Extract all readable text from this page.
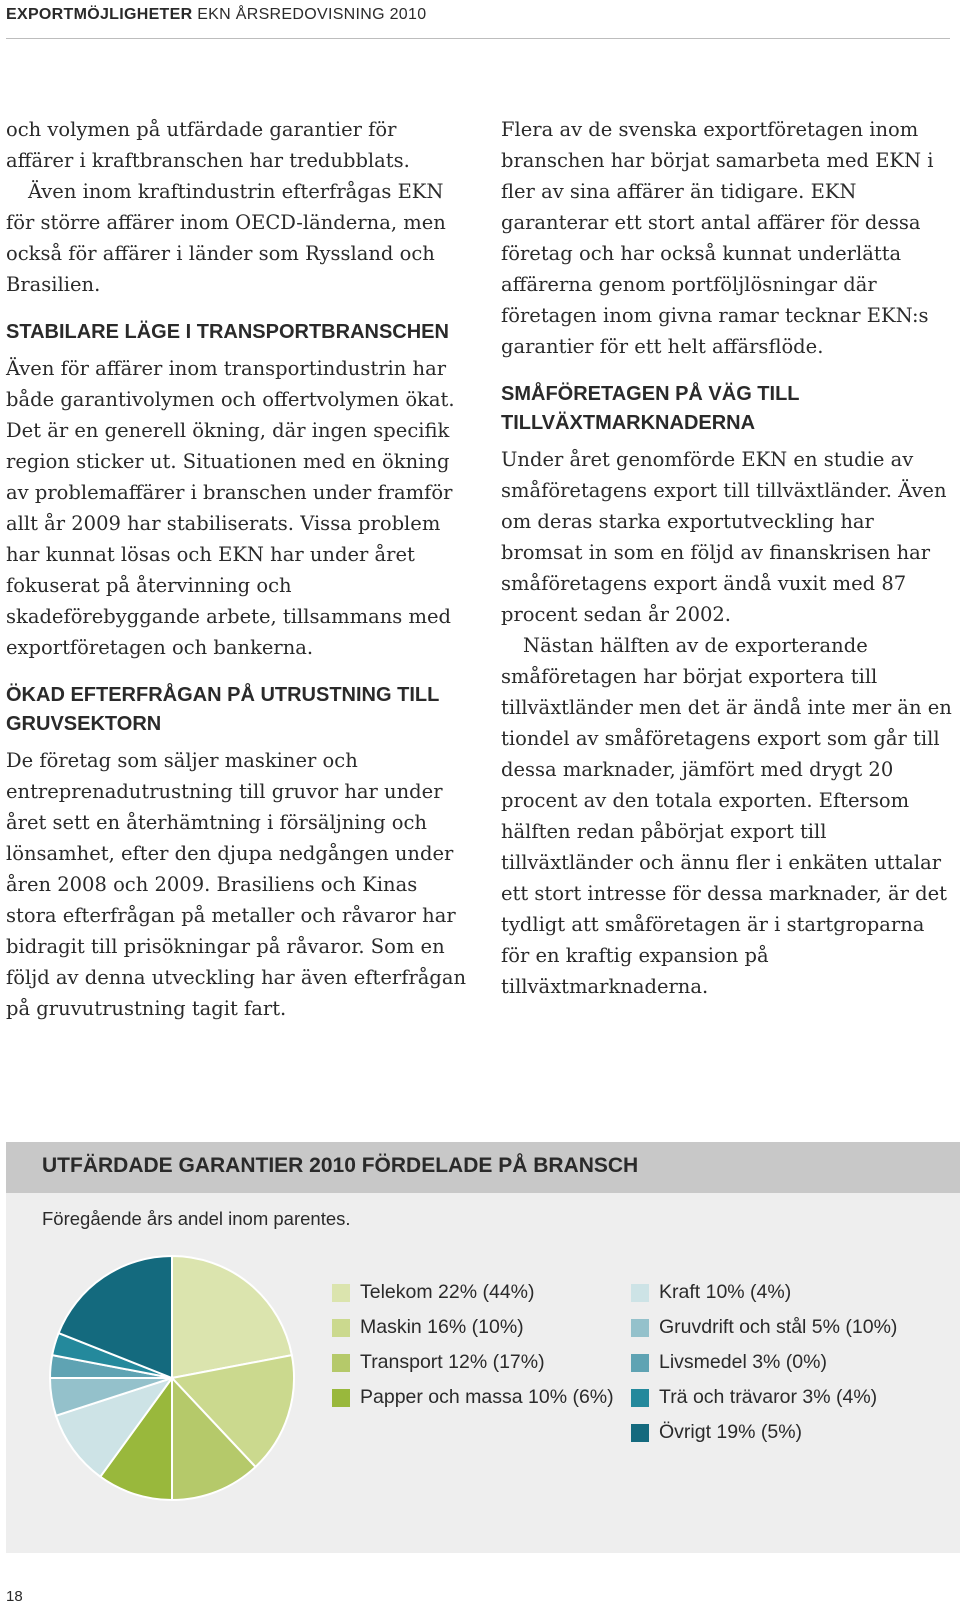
EXPORTMÖJLIGHETER EKN ÅRSREDOVISNING 2010

och volymen på utfärdade garantier för affärer i kraftbranschen har tredubblats.

Även inom kraftindustrin efterfrågas EKN för större affärer inom OECD-länderna, men också för affärer i länder som Ryssland och Brasilien.

STABILARE LÄGE I TRANSPORTBRANSCHEN

Även för affärer inom transportindustrin har både garantivolymen och offertvolymen ökat. Det är en generell ökning, där ingen specifik region sticker ut. Situationen med en ökning av problemaffärer i branschen under framför allt år 2009 har stabiliserats. Vissa problem har kunnat lösas och EKN har under året fokuserat på återvinning och skadeförebyggande arbete, tillsammans med exportföretagen och bankerna.

ÖKAD EFTERFRÅGAN PÅ UTRUSTNING TILL GRUVSEKTORN

De företag som säljer maskiner och entreprenadutrustning till gruvor har under året sett en återhämtning i försäljning och lönsamhet, efter den djupa nedgången under åren 2008 och 2009. Brasiliens och Kinas stora efterfrågan på metaller och råvaror har bidragit till prisökningar på råvaror. Som en följd av denna utveckling har även efterfrågan på gruvutrustning tagit fart.

Flera av de svenska exportföretagen inom branschen har börjat samarbeta med EKN i fler av sina affärer än tidigare. EKN garanterar ett stort antal affärer för dessa företag och har också kunnat underlätta affärerna genom portföljlösningar där företagen inom givna ramar tecknar EKN:s garantier för ett helt affärsflöde.

SMÅFÖRETAGEN PÅ VÄG TILL TILLVÄXTMARKNADERNA

Under året genomförde EKN en studie av småföretagens export till tillväxtländer. Även om deras starka exportutveckling har bromsat in som en följd av finanskrisen har småföretagens export ändå vuxit med 87 procent sedan år 2002.

Nästan hälften av de exporterande småföretagen har börjat exportera till tillväxtländer men det är ändå inte mer än en tiondel av småföretagens export som går till dessa marknader, jämfört med drygt 20 procent av den totala exporten. Eftersom hälften redan påbörjat export till tillväxtländer och ännu fler i enkäten uttalar ett stort intresse för dessa marknader, är det tydligt att småföretagen är i startgroparna för en kraftig expansion på tillväxtmarknaderna.

UTFÄRDADE GARANTIER 2010 FÖRDELADE PÅ BRANSCH
Föregående års andel inom parentes.
Telekom 22% (44%)
Maskin 16% (10%)
Transport 12% (17%)
Papper och massa 10% (6%)
Kraft 10% (4%)
Gruvdrift och stål 5% (10%)
Livsmedel 3% (0%)
Trä och trävaror 3% (4%)
Övrigt 19% (5%)
18
